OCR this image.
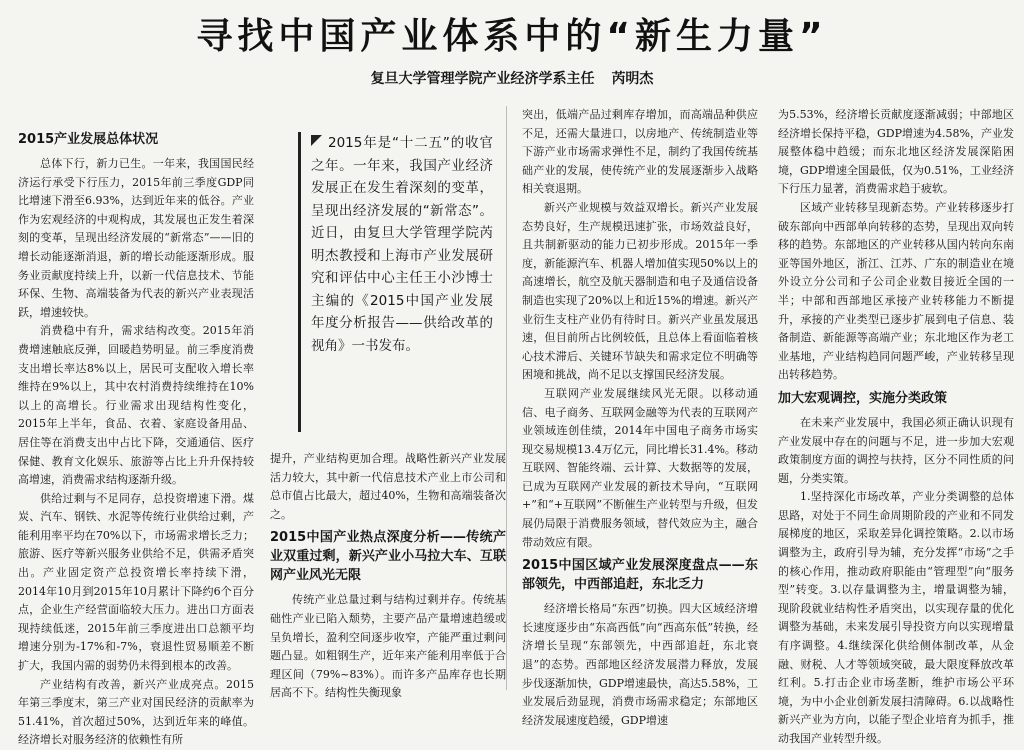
寻找中国产业体系中的“新生力量”
复旦大学管理学院产业经济学系主任 芮明杰
2015产业发展总体状况

总体下行，新力已生。一年来，我国国民经济运行承受下行压力，2015年前三季度GDP同比增速下滑至6.93%，达到近年来的低谷。产业作为宏观经济的中观构成，其发展也正发生着深刻的变革，呈现出经济发展的“新常态”——旧的增长动能逐渐消退，新的增长动能逐渐形成。服务业贡献度持续上升，以新一代信息技术、节能环保、生物、高端装备为代表的新兴产业表现活跃，增速较快。

消费稳中有升，需求结构改变。2015年消费增速触底反弹，回暖趋势明显。前三季度消费支出增长率达8%以上，居民可支配收入增长率维持在9%以上，其中农村消费持续维持在10%以上的高增长。行业需求出现结构性变化，2015年上半年，食品、衣着、家庭设备用品、居住等在消费支出中占比下降，交通通信、医疗保健、教育文化娱乐、旅游等占比上升升保持较高增速，消费需求结构逐渐升级。

供给过剩与不足同存，总投资增速下滑。煤炭、汽车、钢铁、水泥等传统行业供给过剩，产能利用率平均在70%以下，市场需求增长乏力；旅游、医疗等新兴服务业供给不足，供需矛盾突出。产业固定资产总投资增长率持续下滑，2014年10月到2015年10月累计下降约6个百分点，企业生产经营面临较大压力。进出口方面表现持续低迷，2015年前三季度进出口总额平均增速分别为-17%和-7%，衰退性贸易顺差不断扩大，我国内需的弱势仍未得到根本的改善。

产业结构有改善，新兴产业成亮点。2015年第三季度末，第三产业对国民经济的贡献率为51.41%，首次超过50%，达到近年来的峰值。经济增长对服务经济的依赖性有所

2015年是“十二五”的收官之年。一年来，我国产业经济发展正在发生着深刻的变革，呈现出经济发展的“新常态”。近日，由复旦大学管理学院芮明杰教授和上海市产业发展研究和评估中心主任王小沙博士主编的《2015中国产业发展年度分析报告——供给改革的视角》一书发布。

提升，产业结构更加合理。战略性新兴产业发展活力较大，其中新一代信息技术产业上市公司和总市值占比最大，超过40%，生物和高端装备次之。

2015中国产业热点深度分析——传统产业双重过剩，新兴产业小马拉大车、互联网产业风光无限

传统产业总量过剩与结构过剩并存。传统基础性产业已陷入颓势，主要产品产量增速趋缓或呈负增长，盈利空间逐步收窄，产能严重过剩问题凸显。如粗钢生产，近年来产能利用率低于合理区间（79%~83%）。而许多产品库存也长期居高不下。结构性失衡现象

突出，低端产品过剩库存增加，而高端品种供应不足，还需大量进口，以房地产、传统制造业等下游产业市场需求弹性不足，制约了我国传统基础产业的发展，使传统产业的发展逐渐步入战略相关衰退期。

新兴产业规模与效益双增长。新兴产业发展态势良好，生产规模迅速扩张，市场效益良好，且共制新驱动的能力已初步形成。2015年一季度，新能源汽车、机器人增加值实现50%以上的高速增长，航空及航天器制造和电子及通信设备制造也实现了20%以上和近15%的增速。新兴产业衍生支柱产业仍有待时日。新兴产业虽发展迅速，但目前所占比例较低，且总体上看面临着核心技术滞后、关键环节缺失和需求定位不明确等困境和挑战，尚不足以支撑国民经济发展。

互联网产业发展继续风光无限。以移动通信、电子商务、互联网金融等为代表的互联网产业领域连创佳绩，2014年中国电子商务市场实现交易规模13.4万亿元，同比增长31.4%。移动互联网、智能终端、云计算、大数据等的发展，已成为互联网产业发展的新技术导向，“互联网+”和“+互联网”不断催生产业转型与升级，但发展仍局限于消费服务领域，替代效应为主，融合带动效应有限。

2015中国区域产业发展深度盘点——东部领先，中西部追赶，东北乏力

经济增长格局“东西”切换。四大区域经济增长速度逐步由“东高西低”向“西高东低”转换，经济增长呈现“东部领先，中西部追赶，东北衰退”的态势。西部地区经济发展潜力释放，发展步伐逐渐加快，GDP增速最快，高达5.58%，工业发展后劲显现，消费市场需求稳定；东部地区经济发展速度趋缓，GDP增速

为5.53%，经济增长贡献度逐渐减弱；中部地区经济增长保持平稳，GDP增速为4.58%，产业发展整体稳中趋缓；而东北地区经济发展深陷困境，GDP增速全国最低，仅为0.51%，工业经济下行压力显著，消费需求趋于疲软。

区域产业转移呈现新态势。产业转移逐步打破东部向中西部单向转移的态势，呈现出双向转移的趋势。东部地区的产业转移从国内转向东南亚等国外地区，浙江、江苏、广东的制造业在境外设立分公司和子公司企业数目接近全国的一半；中部和西部地区承接产业转移能力不断提升，承接的产业类型已逐步扩展到电子信息、装备制造、新能源等高端产业；东北地区作为老工业基地，产业结构趋同问题严峻，产业转移呈现出转移趋势。

加大宏观调控，实施分类政策

在未来产业发展中，我国必须正确认识现有产业发展中存在的问题与不足，进一步加大宏观政策制度方面的调控与扶持，区分不同性质的问题，分类实策。

1.坚持深化市场改革，产业分类调整的总体思路，对处于不同生命周期阶段的产业和不同发展梯度的地区，采取差异化调控策略。2.以市场调整为主，政府引导为辅，充分发挥“市场”之手的核心作用，推动政府职能由“管理型”向“服务型”转变。3.以存量调整为主，增量调整为辅，现阶段就业结构性矛盾突出，以实现存量的优化调整为基础，未来发展引导投资方向以实现增量有序调整。4.继续深化供给侧体制改革，从金融、财税、人才等领域突破，最大限度释放改革红利。5.打击企业市场垄断，维护市场公平环境，为中小企业创新发展扫清障碍。6.以战略性新兴产业为方向，以能子型企业培育为抓手，推动我国产业转型升级。
